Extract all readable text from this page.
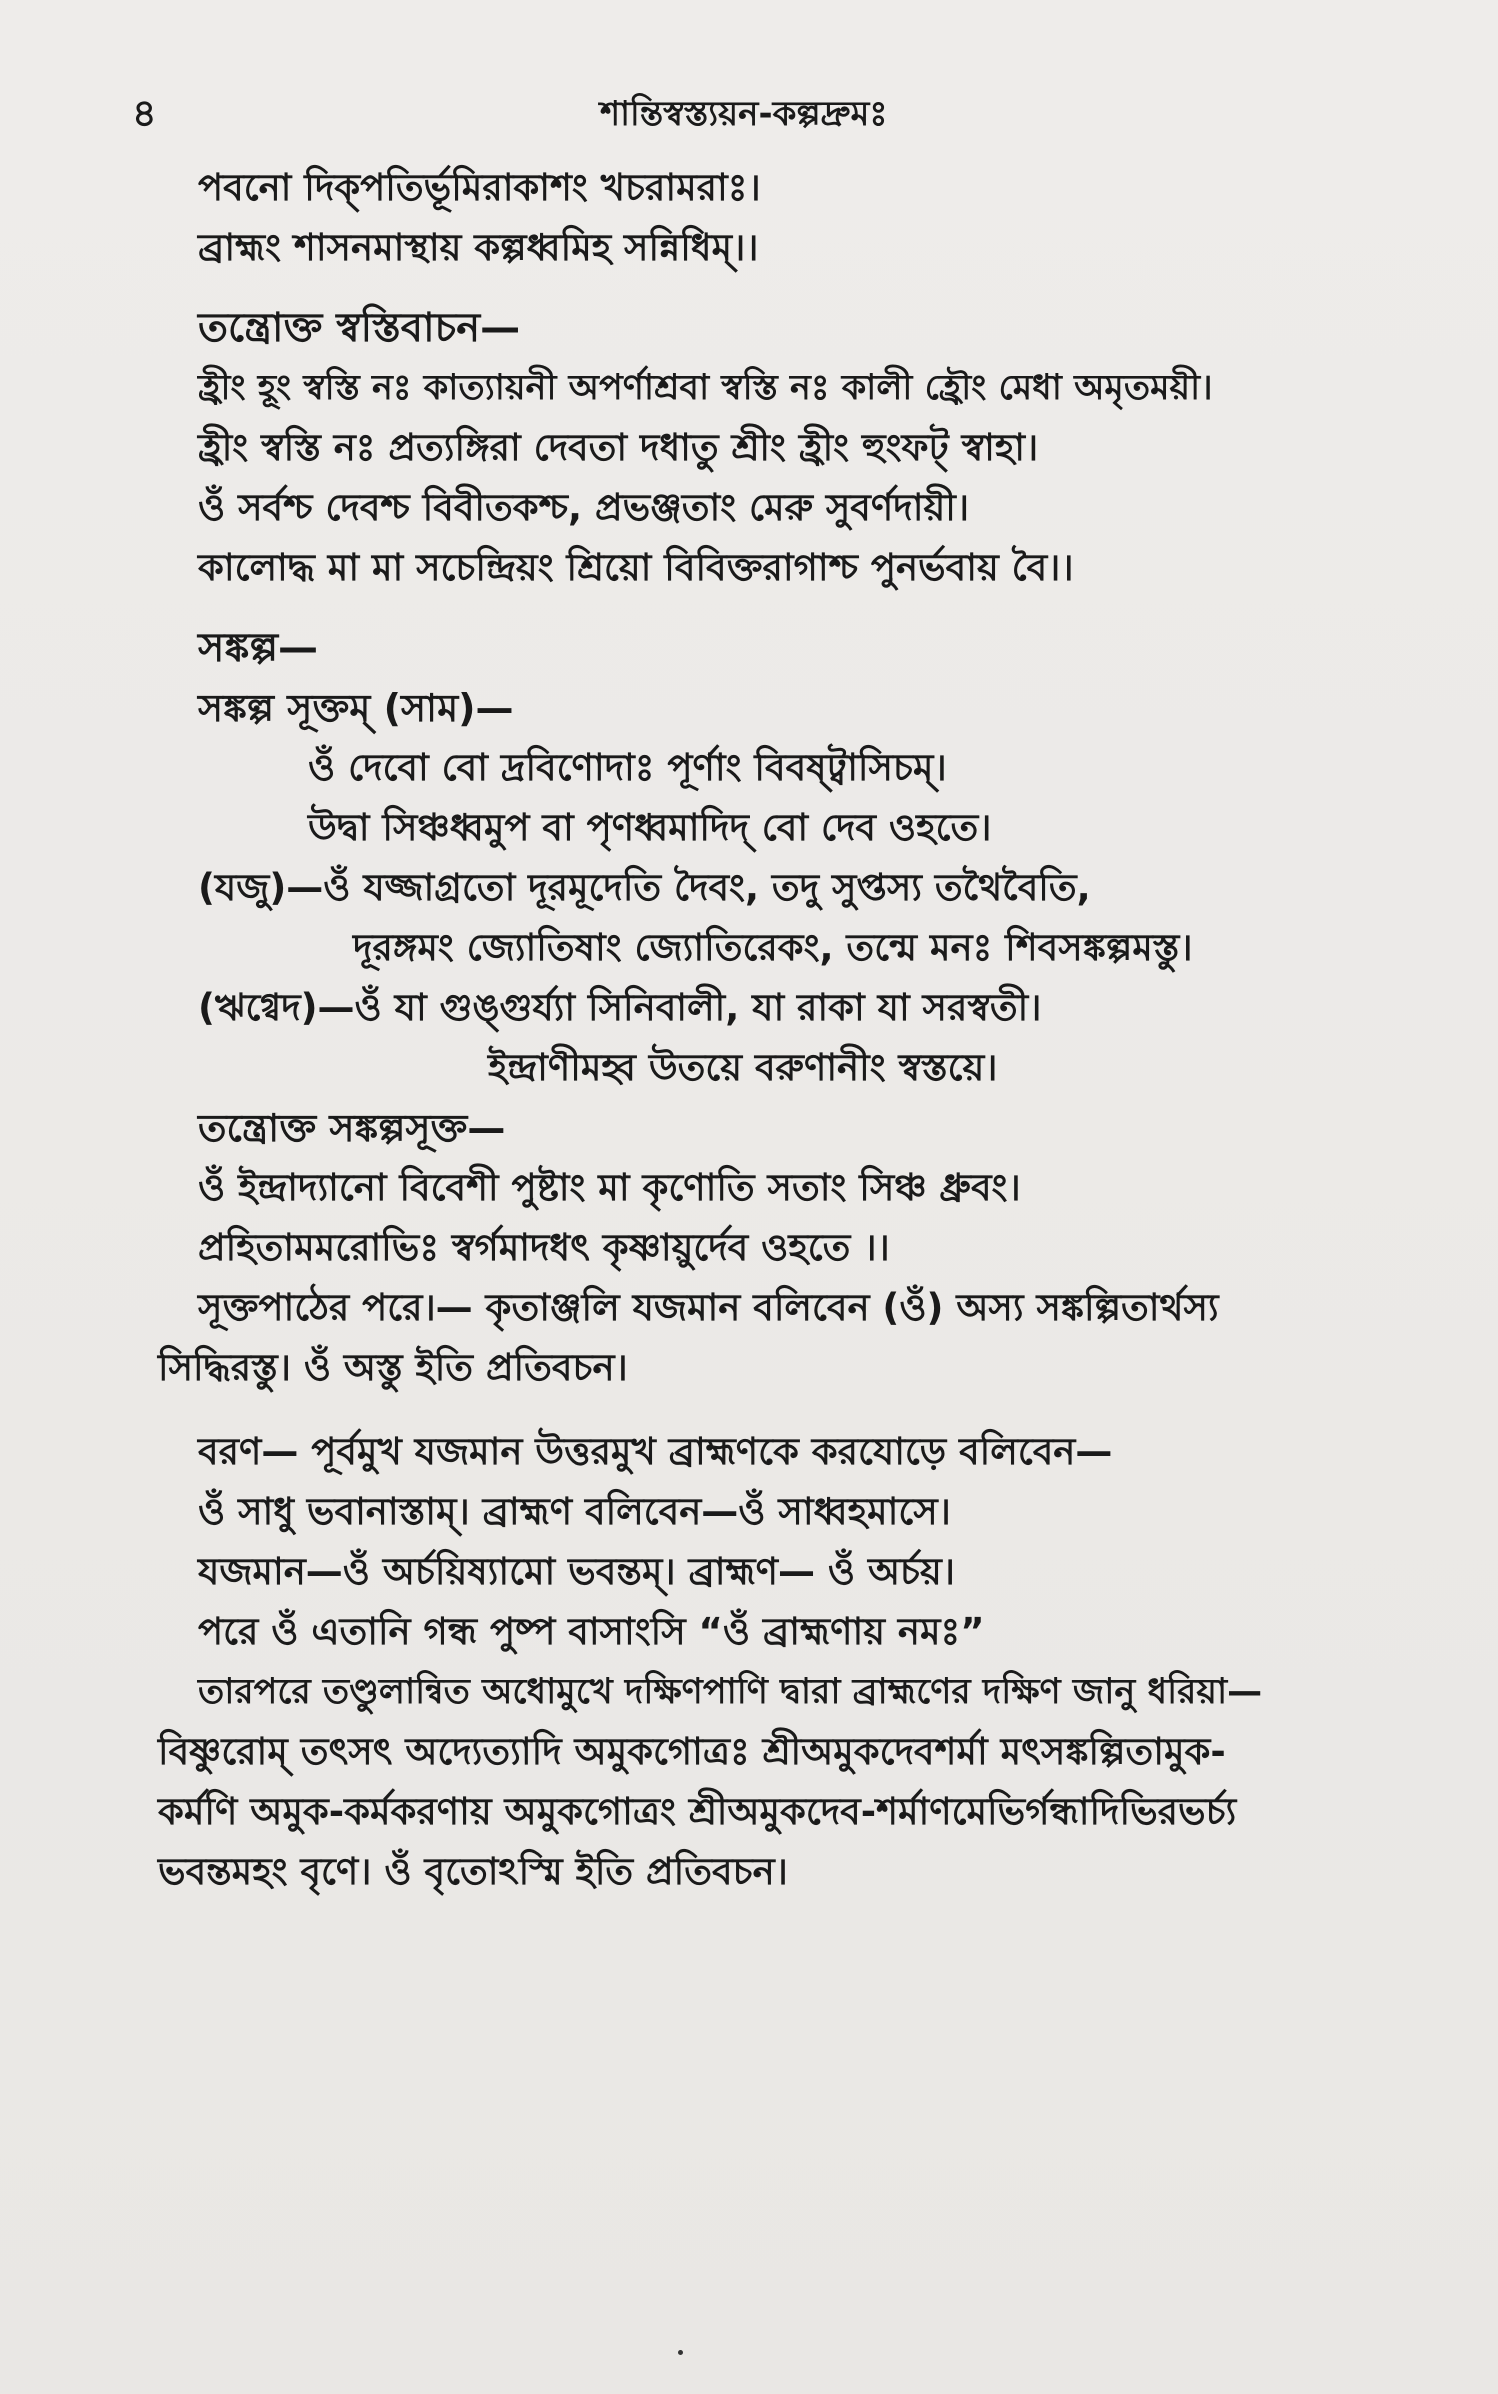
৪	শান্তিস্বস্ত্যয়ন-কল্পদ্রুমঃ
পবনো দিক্‌পতির্ভূমিরাকাশং খচরামরাঃ।
ব্রাহ্মং শাসনমাস্থায় কল্পধ্বমিহ সন্নিধিম্‌।।
তন্ত্রোক্ত স্বস্তিবাচন—
হ্রীং হূং স্বস্তি নঃ কাত্যায়নী অপর্ণাশ্রবা স্বস্তি নঃ কালী হ্রৌং মেধা অমৃতময়ী।
হ্রীং স্বস্তি নঃ প্রত্যঙ্গিরা দেবতা দধাতু শ্রীং হ্রীং হুংফট্‌ স্বাহা।
ওঁ সর্বশ্চ দেবশ্চ বিবীতকশ্চ, প্রভঞ্জতাং মেরু সুবর্ণদায়ী।
কালোদ্ধ মা মা সচেন্দ্রিয়ং শ্রিয়ো বিবিক্তরাগাশ্চ পুনর্ভবায় বৈ।।
সঙ্কল্প—
সঙ্কল্প সূক্তম্‌ (সাম)—
ওঁ দেবো বো দ্রবিণোদাঃ পূর্ণাং বিবষ্ট্বাসিচম্‌।
উদ্বা সিঞ্চধ্বমুপ বা পৃণধ্বমাদিদ্‌ বো দেব ওহতে।
(যজু)—ওঁ যজ্জাগ্রতো দূরমূদেতি দৈবং, তদু সুপ্তস্য তথৈবৈতি,
দূরঙ্গমং জ্যোতিষাং জ্যোতিরেকং, তন্মে মনঃ শিবসঙ্কল্পমস্তু।
(ঋগ্বেদ)—ওঁ যা গুঙ্গুর্য্যা সিনিবালী, যা রাকা যা সরস্বতী।
ইন্দ্রাণীমহ্ব উতয়ে বরুণানীং স্বস্তয়ে।
তন্ত্রোক্ত সঙ্কল্পসূক্ত—
ওঁ ইন্দ্রাদ্যানো বিবেশী পুষ্টাং মা কৃণোতি সতাং সিঞ্চ ধ্রুবং।
প্রহিতামমরোভিঃ স্বর্গমাদধৎ কৃষ্ণায়ুর্দেব ওহতে ।।
সূক্তপাঠের পরে।— কৃতাঞ্জলি যজমান বলিবেন (ওঁ) অস্য সঙ্কল্পিতার্থস্য
সিদ্ধিরস্তু। ওঁ অস্তু ইতি প্রতিবচন।
বরণ— পূর্বমুখ যজমান উত্তরমুখ ব্রাহ্মণকে করযোড়ে বলিবেন—
ওঁ সাধু ভবানাস্তাম্‌। ব্রাহ্মণ বলিবেন—ওঁ সাধ্বহমাসে।
যজমান—ওঁ অর্চয়িষ্যামো ভবন্তম্‌। ব্রাহ্মণ— ওঁ অর্চয়।
পরে ওঁ এতানি গন্ধ পুষ্প বাসাংসি “ওঁ ব্রাহ্মণায় নমঃ”
তারপরে তণ্ডুলান্বিত অধোমুখে দক্ষিণপাণি দ্বারা ব্রাহ্মণের দক্ষিণ জানু ধরিয়া—
বিষ্ণুরোম্‌ তৎসৎ অদ্যেত্যাদি অমুকগোত্রঃ শ্রীঅমুকদেবশর্মা মৎসঙ্কল্পিতামুক-
কর্মণি অমুক-কর্মকরণায় অমুকগোত্রং শ্রীঅমুকদেব-শর্মাণমেভির্গন্ধাদিভিরভর্চ্য
ভবন্তমহং বৃণে। ওঁ বৃতোঽস্মি ইতি প্রতিবচন।
